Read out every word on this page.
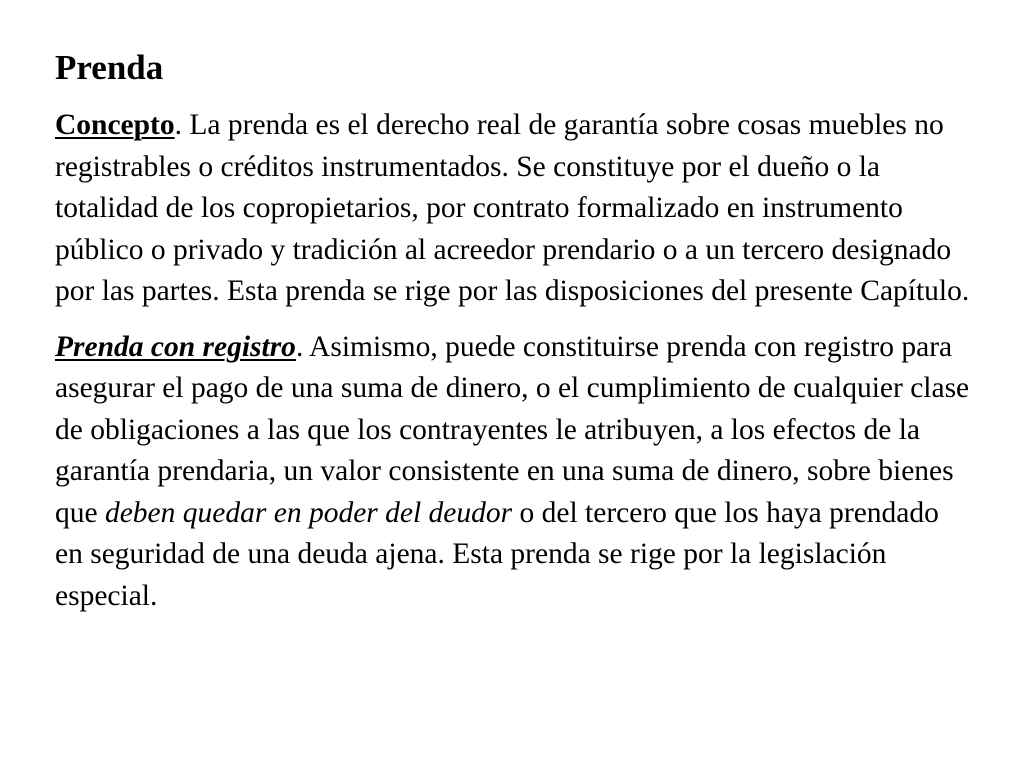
Prenda

Concepto. La prenda es el derecho real de garantía sobre cosas muebles no registrables o créditos instrumentados. Se constituye por el dueño o la totalidad de los copropietarios, por contrato formalizado en instrumento público o privado y tradición al acreedor prendario o a un tercero designado por las partes. Esta prenda se rige por las disposiciones del presente Capítulo.

Prenda con registro. Asimismo, puede constituirse prenda con registro para asegurar el pago de una suma de dinero, o el cumplimiento de cualquier clase de obligaciones a las que los contrayentes le atribuyen, a los efectos de la garantía prendaria, un valor consistente en una suma de dinero, sobre bienes que deben quedar en poder del deudor o del tercero que los haya prendado en seguridad de una deuda ajena. Esta prenda se rige por la legislación especial.
